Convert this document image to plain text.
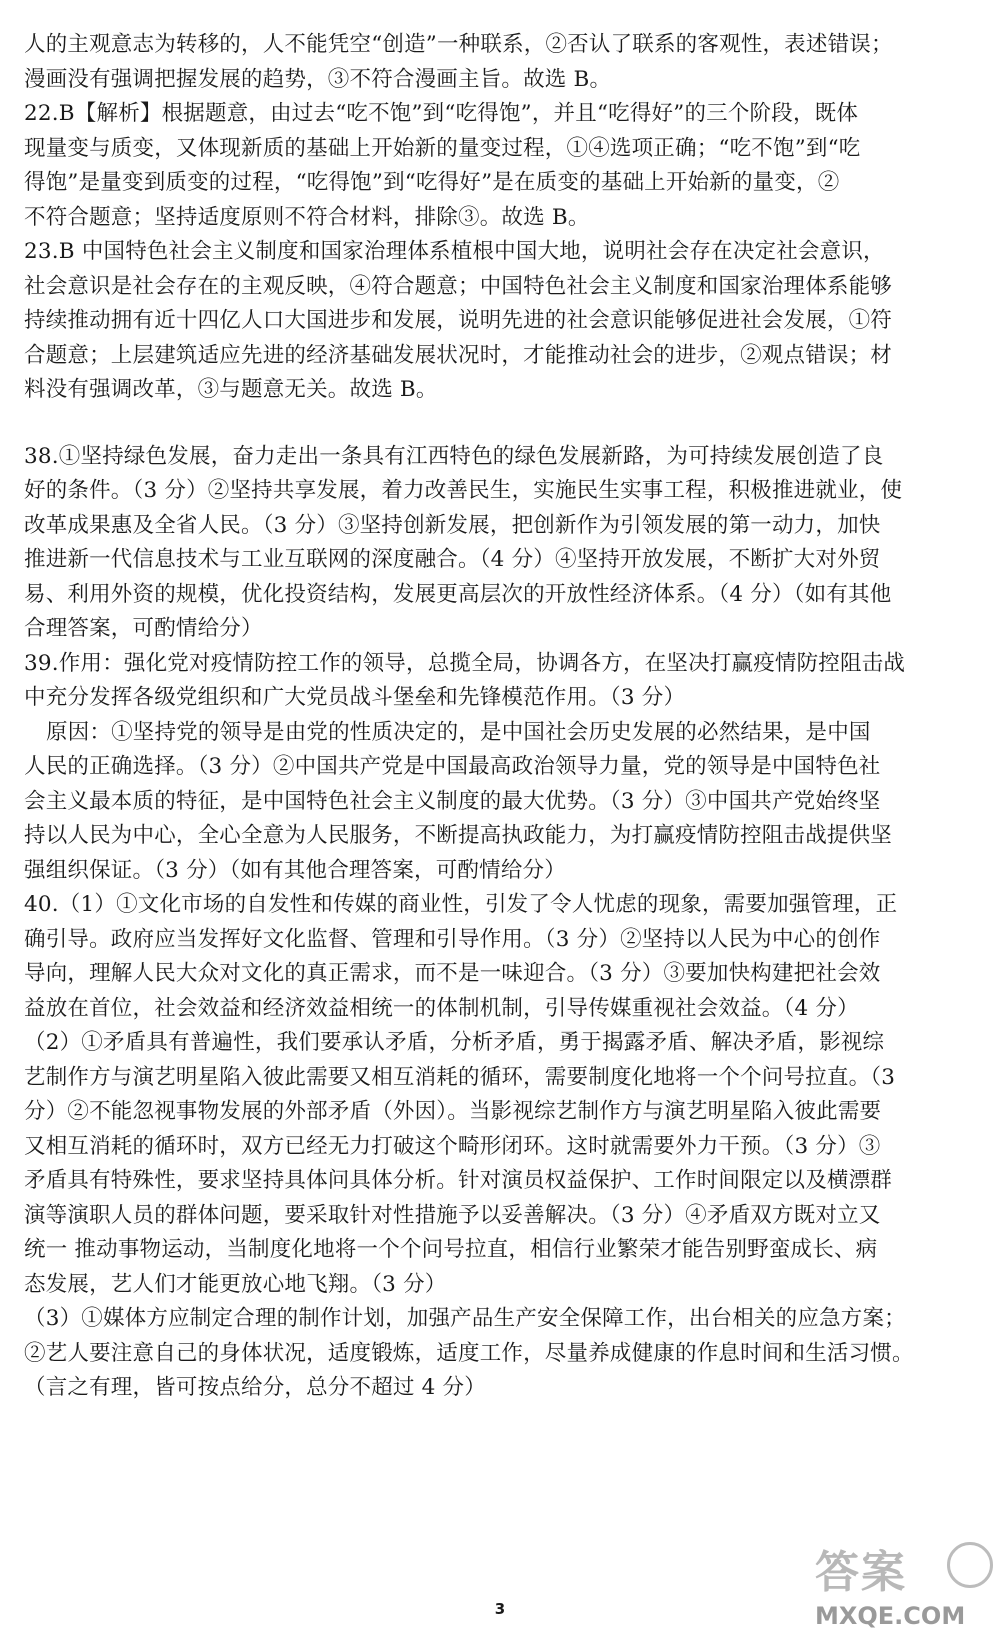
人的主观意志为转移的，人不能凭空“创造”一种联系，②否认了联系的客观性，表述错误；
漫画没有强调把握发展的趋势，③不符合漫画主旨。故选 B。
22.B【解析】根据题意，由过去“吃不饱”到“吃得饱”，并且“吃得好”的三个阶段，既体
现量变与质变，又体现新质的基础上开始新的量变过程，①④选项正确；“吃不饱”到“吃
得饱”是量变到质变的过程，“吃得饱”到“吃得好”是在质变的基础上开始新的量变，②
不符合题意；坚持适度原则不符合材料，排除③。故选 B。
23.B 中国特色社会主义制度和国家治理体系植根中国大地，说明社会存在决定社会意识，
社会意识是社会存在的主观反映，④符合题意；中国特色社会主义制度和国家治理体系能够
持续推动拥有近十四亿人口大国进步和发展，说明先进的社会意识能够促进社会发展，①符
合题意；上层建筑适应先进的经济基础发展状况时，才能推动社会的进步，②观点错误；材
料没有强调改革，③与题意无关。故选 B。
38.①坚持绿色发展，奋力走出一条具有江西特色的绿色发展新路，为可持续发展创造了良
好的条件。（3 分）②坚持共享发展，着力改善民生，实施民生实事工程，积极推进就业，使
改革成果惠及全省人民。（3 分）③坚持创新发展，把创新作为引领发展的第一动力，加快
推进新一代信息技术与工业互联网的深度融合。（4 分）④坚持开放发展，不断扩大对外贸
易、利用外资的规模，优化投资结构，发展更高层次的开放性经济体系。（4 分）（如有其他
合理答案，可酌情给分）
39.作用：强化党对疫情防控工作的领导，总揽全局，协调各方，在坚决打赢疫情防控阻击战
中充分发挥各级党组织和广大党员战斗堡垒和先锋模范作用。（3 分）
原因：①坚持党的领导是由党的性质决定的，是中国社会历史发展的必然结果，是中国
人民的正确选择。（3 分）②中国共产党是中国最高政治领导力量，党的领导是中国特色社
会主义最本质的特征，是中国特色社会主义制度的最大优势。（3 分）③中国共产党始终坚
持以人民为中心，全心全意为人民服务，不断提高执政能力，为打赢疫情防控阻击战提供坚
强组织保证。（3 分）（如有其他合理答案，可酌情给分）
40.（1）①文化市场的自发性和传媒的商业性，引发了令人忧虑的现象，需要加强管理，正
确引导。政府应当发挥好文化监督、管理和引导作用。（3 分）②坚持以人民为中心的创作
导向，理解人民大众对文化的真正需求，而不是一味迎合。（3 分）③要加快构建把社会效
益放在首位，社会效益和经济效益相统一的体制机制，引导传媒重视社会效益。（4 分）
（2）①矛盾具有普遍性，我们要承认矛盾，分析矛盾，勇于揭露矛盾、解决矛盾，影视综
艺制作方与演艺明星陷入彼此需要又相互消耗的循环，需要制度化地将一个个问号拉直。（3
分）②不能忽视事物发展的外部矛盾（外因）。当影视综艺制作方与演艺明星陷入彼此需要
又相互消耗的循环时，双方已经无力打破这个畸形闭环。这时就需要外力干预。（3 分）③
矛盾具有特殊性，要求坚持具体问具体分析。针对演员权益保护、工作时间限定以及横漂群
演等演职人员的群体问题，要采取针对性措施予以妥善解决。（3 分）④矛盾双方既对立又
统一 推动事物运动，当制度化地将一个个问号拉直，相信行业繁荣才能告别野蛮成长、病
态发展，艺人们才能更放心地飞翔。（3 分）
（3）①媒体方应制定合理的制作计划，加强产品生产安全保障工作，出台相关的应急方案；
②艺人要注意自己的身体状况，适度锻炼，适度工作，尽量养成健康的作息时间和生活习惯。
（言之有理，皆可按点给分，总分不超过 4 分）
3
答案
MXQE.COM
